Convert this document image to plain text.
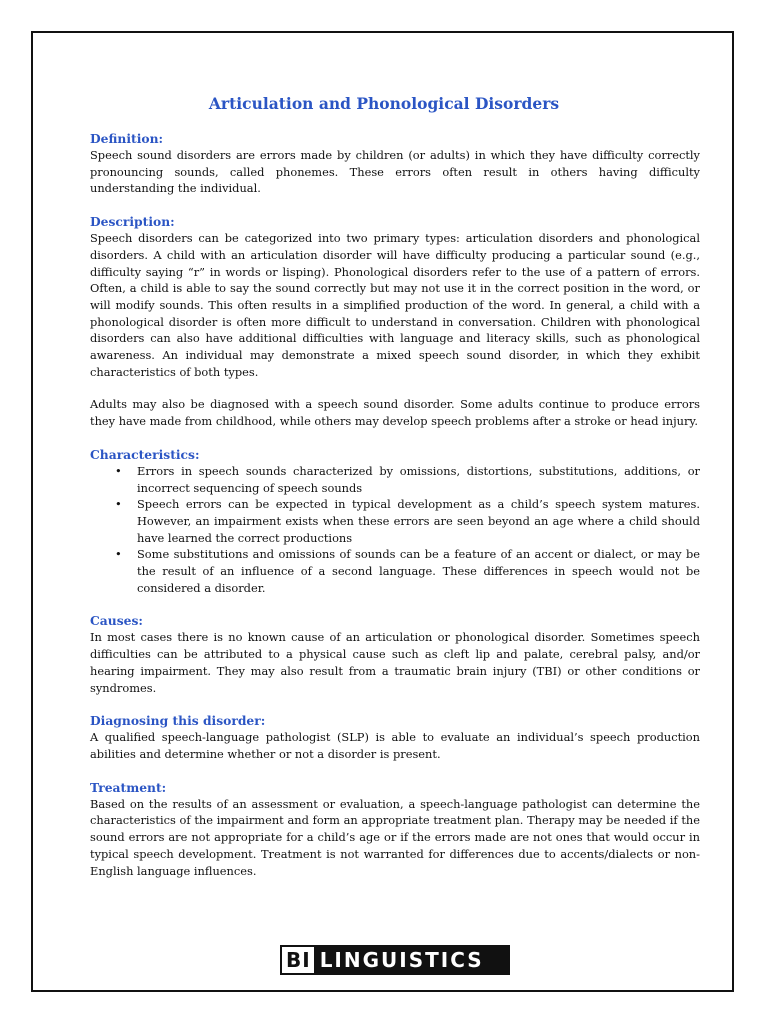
Articulation and Phonological Disorders

Definition:

Speech sound disorders are errors made by children (or adults) in which they have difficulty correctly pronouncing sounds, called phonemes. These errors often result in others having difficulty understanding the individual.

Description:

Speech disorders can be categorized into two primary types: articulation disorders and phonological disorders. A child with an articulation disorder will have difficulty producing a particular sound (e.g., difficulty saying “r” in words or lisping). Phonological disorders refer to the use of a pattern of errors. Often, a child is able to say the sound correctly but may not use it in the correct position in the word, or will modify sounds. This often results in a simplified production of the word. In general, a child with a phonological disorder is often more difficult to understand in conversation. Children with phonological disorders can also have additional difficulties with language and literacy skills, such as phonological awareness. An individual may demonstrate a mixed speech sound disorder, in which they exhibit characteristics of both types.

Adults may also be diagnosed with a speech sound disorder. Some adults continue to produce errors they have made from childhood, while others may develop speech problems after a stroke or head injury.

Characteristics:

• Errors in speech sounds characterized by omissions, distortions, substitutions, additions, or incorrect sequencing of speech sounds
• Speech errors can be expected in typical development as a child’s speech system matures. However, an impairment exists when these errors are seen beyond an age where a child should have learned the correct productions
• Some substitutions and omissions of sounds can be a feature of an accent or dialect, or may be the result of an influence of a second language. These differences in speech would not be considered a disorder.

Causes:

In most cases there is no known cause of an articulation or phonological disorder. Sometimes speech difficulties can be attributed to a physical cause such as cleft lip and palate, cerebral palsy, and/or hearing impairment. They may also result from a traumatic brain injury (TBI) or other conditions or syndromes.

Diagnosing this disorder:

A qualified speech-language pathologist (SLP) is able to evaluate an individual’s speech production abilities and determine whether or not a disorder is present.

Treatment:

Based on the results of an assessment or evaluation, a speech-language pathologist can determine the characteristics of the impairment and form an appropriate treatment plan. Therapy may be needed if the sound errors are not appropriate for a child’s age or if the errors made are not ones that would occur in typical speech development. Treatment is not warranted for differences due to accents/dialects or non-English language influences.

BI LINGUISTICS
